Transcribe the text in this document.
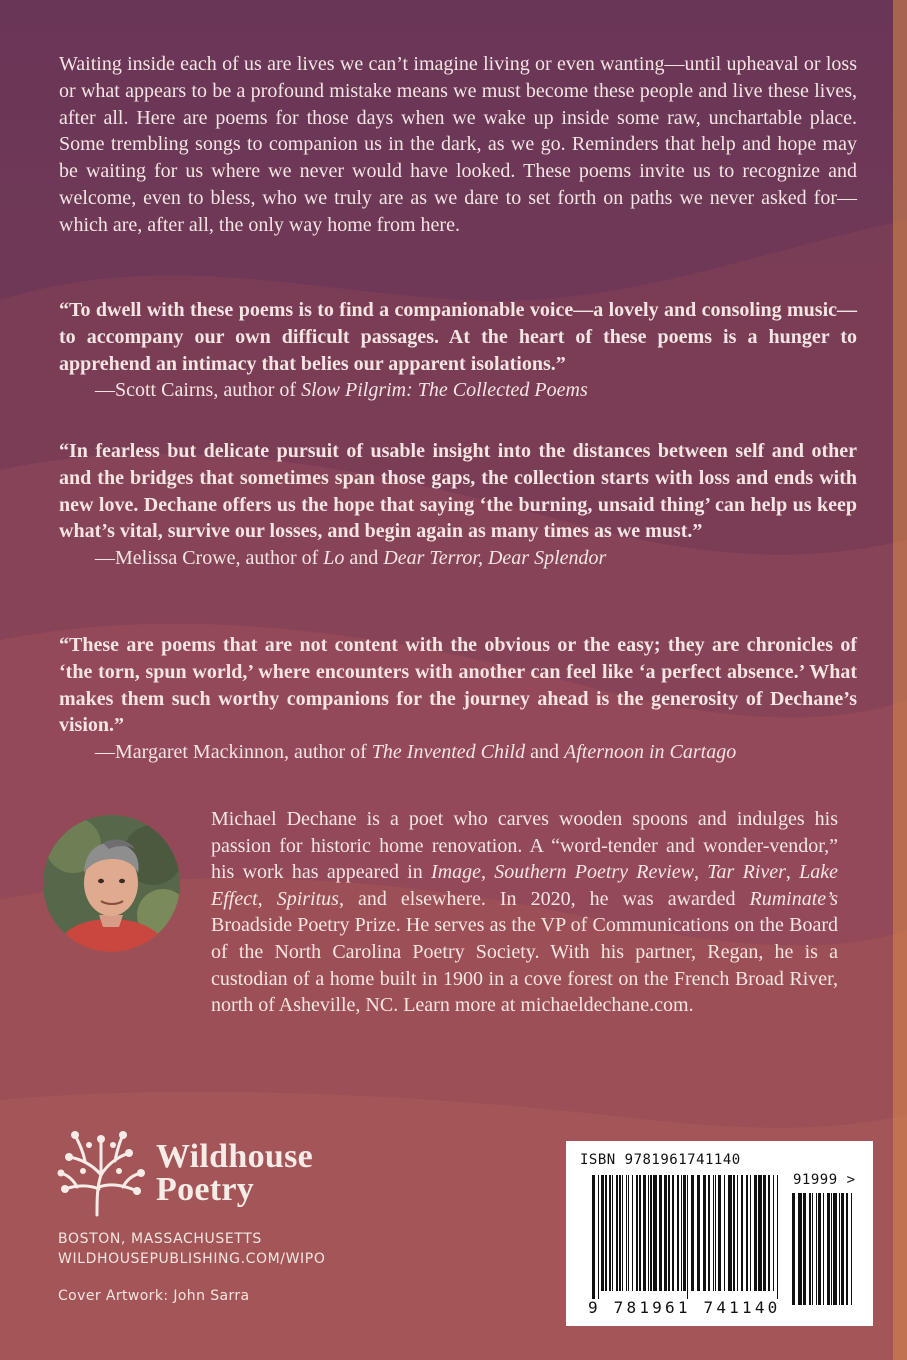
Waiting inside each of us are lives we can’t imagine living or even wanting—until upheaval or loss or what appears to be a profound mistake means we must become these people and live these lives, after all. Here are poems for those days when we wake up inside some raw, unchartable place. Some trembling songs to companion us in the dark, as we go. Reminders that help and hope may be waiting for us where we never would have looked. These poems invite us to recognize and welcome, even to bless, who we truly are as we dare to set forth on paths we never asked for—which are, after all, the only way home from here.

“To dwell with these poems is to find a companionable voice—a lovely and consoling music—to accompany our own difficult passages. At the heart of these poems is a hunger to apprehend an intimacy that belies our apparent isolations.”

—Scott Cairns, author of Slow Pilgrim: The Collected Poems

“In fearless but delicate pursuit of usable insight into the distances between self and other and the bridges that sometimes span those gaps, the collection starts with loss and ends with new love. Dechane offers us the hope that saying ‘the burning, unsaid thing’ can help us keep what’s vital, survive our losses, and begin again as many times as we must.”

—Melissa Crowe, author of Lo and Dear Terror, Dear Splendor

“These are poems that are not content with the obvious or the easy; they are chronicles of ‘the torn, spun world,’ where encounters with another can feel like ‘a perfect absence.’ What makes them such worthy companions for the journey ahead is the generosity of Dechane’s vision.”

—Margaret Mackinnon, author of The Invented Child and Afternoon in Cartago

Michael Dechane is a poet who carves wooden spoons and indulges his passion for historic home renovation. A “word-tender and wonder-vendor,” his work has appeared in Image, Southern Poetry Review, Tar River, Lake Effect, Spiritus, and elsewhere. In 2020, he was awarded Ruminate’s Broadside Poetry Prize. He serves as the VP of Communications on the Board of the North Carolina Poetry Society. With his partner, Regan, he is a custodian of a home built in 1900 in a cove forest on the French Broad River, north of Asheville, NC. Learn more at michaeldechane.com.

Wildhouse
Poetry

BOSTON, MASSACHUSETTS
WILDHOUSEPUBLISHING.COM/WIPO

Cover Artwork: John Sarra

ISBN 9781961741140

91999 >

9 781961 741140
